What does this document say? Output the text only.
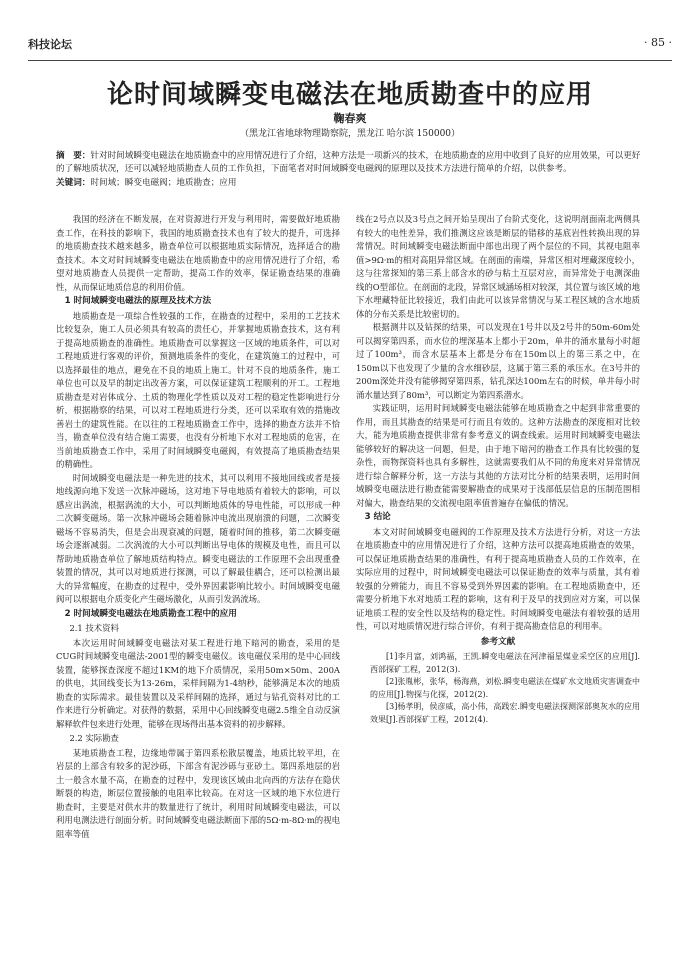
科技论坛	· 85 ·
论时间域瞬变电磁法在地质勘查中的应用
鞠春爽
（黑龙江省地球物理勘察院，黑龙江 哈尔滨 150000）
摘　要：针对时间域瞬变电磁法在地质勘查中的应用情况进行了介绍，这种方法是一项新兴的技术，在地质勘查的应用中收到了良好的应用效果，可以更好的了解地质状况，还可以减轻地质勘查人员的工作负担，下面笔者对时间域瞬变电磁阀的原理以及技术方法进行简单的介绍，以供参考。
关键词：时间域；瞬变电磁阀；地质勘查；应用

我国的经济在不断发展，在对资源进行开发与利用时，需要做好地质勘查工作，在科技的影响下，我国的地质勘查技术也有了较大的提升，可选择的地质勘查技术越来越多，勘查单位可以根据地质实际情况，选择适合的勘查技术。本文对时间域瞬变电磁法在地质勘查中的应用情况进行了介绍，希望对地质勘查人员提供一定帮助，提高工作的效率，保证勘查结果的准确性，从而保证地质信息的利用价值。

1 时间域瞬变电磁法的原理及技术方法

地质勘查是一项综合性较强的工作，在勘查的过程中，采用的工艺技术比较复杂，施工人员必须具有较高的责任心，并掌握地质勘查技术，这有利于提高地质勘查的准确性。地质勘查可以掌握这一区域的地质条件，可以对工程地质进行客观的评价，预测地质条件的变化，在建筑施工的过程中，可以选择最佳的地点，避免在不良的地质上施工。针对不良的地质条件，施工单位也可以及早的制定出改善方案，可以保证建筑工程顺利的开工。工程地质勘查是对岩体成分、土质的物理化学性质以及对工程的稳定性影响进行分析，根据勘察的结果，可以对工程地质进行分类，还可以采取有效的措施改善岩土的建筑性能。在以往的工程地质勘查工作中，选择的勘查方法并不恰当，勘查单位没有结合施工需要，也没有分析地下水对工程地质的危害，在当前地质勘查工作中，采用了时间域瞬变电磁阀，有效提高了地质勘查结果的精确性。

时间域瞬变电磁法是一种先进的技术，其可以利用不接地回线或者是接地线源向地下发送一次脉冲磁场，这对地下导电地质有着较大的影响，可以感应出涡流，根据涡流的大小，可以判断地质体的导电性能，可以形成一种二次瞬变磁场。第一次脉冲磁场会随着脉冲电流出现崩溃的问题，二次瞬变磁场不容易消失，但是会出现衰减的问题，随着时间的推移，第二次瞬变磁场会逐渐减弱。二次涡流的大小可以判断出导电体的规模及电性，而且可以帮助地质勘查单位了解地质结构特点。瞬变电磁法的工作原理不会出现重叠装置的情况，其可以对地质进行探测，可以了解最佳耦合，还可以检测出最大的异常幅度，在勘查的过程中，受外界因素影响比较小。时间域瞬变电磁阀可以根据电介质变化产生磁场激化，从而引发涡流场。

2 时间域瞬变电磁法在地质勘查工程中的应用
2.1 技术资料

本次运用时间域瞬变电磁法对某工程进行地下暗河的勘查，采用的是CUG时间域瞬变电磁法-2001型的瞬变电磁仪。该电磁仪采用的是中心回线装置，能够探查深度不超过1KM的地下介质情况，采用50m×50m、200A的供电，其回线变长为13-26m，采样间隔为1-4纳秒，能够满足本次的地质勘查的实际需求。最佳装置以及采样间隔的选择，通过与钻孔资料对比的工作来进行分析确定。对获得的数据，采用中心回线瞬变电磁2.5维全自动反演解释软件包来进行处理，能够在现场得出基本资料的初步解释。

2.2 实际勘查

某地质勘查工程，边缘地带属于第四系松散层覆盖，地质比较平坦，在岩层的上部含有较多的泥沙砾，下部含有泥沙砾与亚砂土。第四系地层的岩土一般含水量不高，在勘查的过程中，发现该区域由北向西的方法存在隐伏断裂的构造，断层位置接触的电阻率比较高。在对这一区域的地下水位进行勘查时，主要是对供水井的数量进行了统计，利用时间域瞬变电磁法，可以利用电测法进行剖面分析。时间域瞬变电磁法断面下部的5Ω·m-8Ω·m的视电阻率等值

线在2号点以及3号点之间开始呈现出了台阶式变化，这说明剖面南北两侧具有较大的电性差异，我们推测这应该是断层的错移的基底岩性转换出现的异常情况。时间域瞬变电磁法断面中部也出现了两个层位的不同，其视电阻率值>9Ω·m的相对高阻异常区域。在剖面的南端，异常区相对埋藏深度较小，这与往常探知的第三系上部含水的砂与粘土互层对应，而异常处于电测深曲线的O型部位。在剖面的北段，异常区域涵场相对较深，其位置与该区域的地下水埋藏特征比较接近，我们由此可以该异常情况与某工程区域的含水地质体的分布关系是比较密切的。

根据测井以及钻探的结果，可以发现在1号井以及2号井的50m-60m处可以揭穿第四系，而水位的埋深基本上都小于20m，单井的涌水量每小时超过了100m³，而含水层基本上都是分布在150m以上的第三系之中，在150m以下也发现了少量的含水细砂层，这属于第三系的承压水。在3号井的200m深处并没有能够揭穿第四系，钻孔深达100m左右的时候，单井每小时涌水量达到了80m³，可以断定为第四系潜水。

实践证明，运用时间域瞬变电磁法能够在地质勘查之中起到非常重要的作用，而且其勘查的结果是可行而且有效的。这种方法勘查的深度相对比较大，能为地质勘查提供非常有参考意义的调查线索。运用时间域瞬变电磁法能够较好的解决这一问题，但是，由于地下暗河的勘查工作具有比较强的复杂性，而物探资料也具有多解性，这就需要我们从不同的角度来对异常情况进行综合解释分析，这一方法与其他的方法对比分析的结果表明，运用时间域瞬变电磁法进行勘查能需要解勘查的成果对于浅部低层信息的压制范围相对偏大，勘查结果的交流视电阻率值普遍存在偏低的情况。

3 结论

本文对时间域瞬变电磁阀的工作原理及技术方法进行分析，对这一方法在地质勘查中的应用情况进行了介绍，这种方法可以提高地质勘查的效果，可以保证地质勘查结果的准确性，有利于提高地质勘查人员的工作效率，在实际应用的过程中，时间域瞬变电磁法可以保证勘查的效率与质量，其有着较强的分辨能力，而且不容易受到外界因素的影响。在工程地质勘查中，还需要分析地下水对地质工程的影响，这有利于及早的找到应对方案，可以保证地质工程的安全性以及结构的稳定性。时间域瞬变电磁法有着较强的适用性，可以对地质情况进行综合评价，有利于提高勘查信息的利用率。

参考文献

[1]李月富，刘鸿福，王凯.瞬变电磁法在河津福星煤业采空区的应用[J].西部探矿工程，2012(3).

[2]张胤彬，张华，杨海燕，刘松.瞬变电磁法在煤矿水文地质灾害调查中的应用[J].物探与化探，2012(2).

[3]杨孝明，侯彦威，高小伟，高践宏.瞬变电磁法探测深部奥灰水的应用效果[J].西部探矿工程，2012(4).
